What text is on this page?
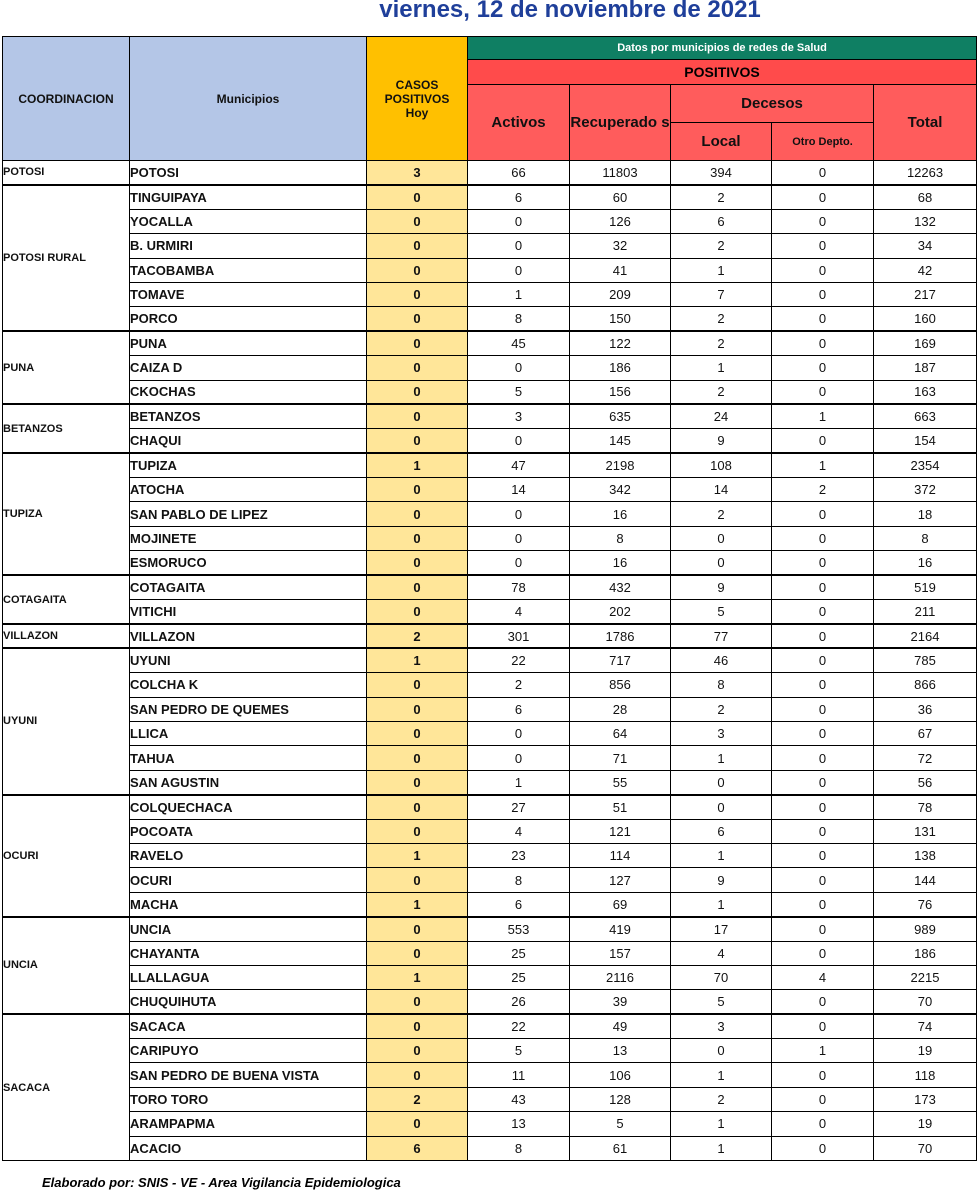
viernes, 12 de noviembre de 2021
COORDINACION	Municipios	CASOS
POSITIVOS
Hoy	Datos por municipios de redes de Salud				
			POSITIVOS				
			Activos	Recuperado s	Decesos		Total
					Local	Otro Depto.	
POTOSI	POTOSI	3	66	11803	394	0	12263
POTOSI RURAL	TINGUIPAYA	0	6	60	2	0	68
	YOCALLA	0	0	126	6	0	132
	B. URMIRI	0	0	32	2	0	34
	TACOBAMBA	0	0	41	1	0	42
	TOMAVE	0	1	209	7	0	217
	PORCO	0	8	150	2	0	160
PUNA	PUNA	0	45	122	2	0	169
	CAIZA D	0	0	186	1	0	187
	CKOCHAS	0	5	156	2	0	163
BETANZOS	BETANZOS	0	3	635	24	1	663
	CHAQUI	0	0	145	9	0	154
TUPIZA	TUPIZA	1	47	2198	108	1	2354
	ATOCHA	0	14	342	14	2	372
	SAN PABLO DE LIPEZ	0	0	16	2	0	18
	MOJINETE	0	0	8	0	0	8
	ESMORUCO	0	0	16	0	0	16
COTAGAITA	COTAGAITA	0	78	432	9	0	519
	VITICHI	0	4	202	5	0	211
VILLAZON	VILLAZON	2	301	1786	77	0	2164
UYUNI	UYUNI	1	22	717	46	0	785
	COLCHA K	0	2	856	8	0	866
	SAN PEDRO DE QUEMES	0	6	28	2	0	36
	LLICA	0	0	64	3	0	67
	TAHUA	0	0	71	1	0	72
	SAN AGUSTIN	0	1	55	0	0	56
OCURI	COLQUECHACA	0	27	51	0	0	78
	POCOATA	0	4	121	6	0	131
	RAVELO	1	23	114	1	0	138
	OCURI	0	8	127	9	0	144
	MACHA	1	6	69	1	0	76
UNCIA	UNCIA	0	553	419	17	0	989
	CHAYANTA	0	25	157	4	0	186
	LLALLAGUA	1	25	2116	70	4	2215
	CHUQUIHUTA	0	26	39	5	0	70
SACACA	SACACA	0	22	49	3	0	74
	CARIPUYO	0	5	13	0	1	19
	SAN PEDRO DE BUENA VISTA	0	11	106	1	0	118
	TORO TORO	2	43	128	2	0	173
	ARAMPAPMA	0	13	5	1	0	19
	ACACIO	6	8	61	1	0	70
Elaborado por: SNIS - VE - Area Vigilancia Epidemiologica
